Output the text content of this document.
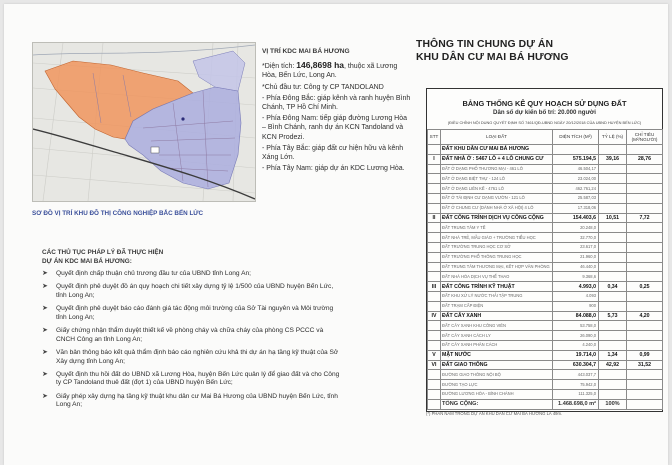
SƠ ĐỒ VỊ TRÍ KHU ĐÔ THỊ CÔNG NGHIỆP BẮC BẾN LỨC
VỊ TRÍ KDC MAI BÁ HƯƠNG

*Diện tích: 146,8698 ha, thuộc xã Lương Hòa, Bến Lức, Long An.

*Chủ đầu tư: Công ty CP TANDOLAND

- Phía Đông Bắc: giáp kênh và ranh huyện Bình Chánh, TP Hồ Chí Minh.

- Phía Đông Nam: tiếp giáp đường Lương Hòa – Bình Chánh, ranh dự án KCN Tandoland và KCN Prodezi.

- Phía Tây Bắc: giáp đất cư hiện hữu và kênh Xáng Lớn.

- Phía Tây Nam: giáp dự án KDC Lương Hòa.

CÁC THỦ TỤC PHÁP LÝ ĐÃ THỰC HIỆN
DỰ ÁN KDC MAI BÁ HƯƠNG:
➤ Quyết định chấp thuận chủ trương đầu tư của UBND tỉnh Long An;
➤ Quyết định phê duyệt đồ án quy hoạch chi tiết xây dựng tỷ lệ 1/500 của UBND huyện Bến Lức, tỉnh Long An;
➤ Quyết định phê duyệt báo cáo đánh giá tác động môi trường của Sở Tài nguyên và Môi trường tỉnh Long An;
➤ Giấy chứng nhận thẩm duyệt thiết kế về phòng cháy và chữa cháy của phòng CS PCCC và CNCH Công an tỉnh Long An;
➤ Văn bản thông báo kết quả thẩm định báo cáo nghiên cứu khả thi dự án hạ tầng kỹ thuật của Sở Xây dựng tỉnh Long An;
➤ Quyết định thu hồi đất do UBND xã Lương Hòa, huyện Bến Lức quản lý để giao đất và cho Công ty CP Tandoland thuê đất (đợt 1) của UBND huyện Bến Lức;
➤ Giấy phép xây dựng hạ tầng kỹ thuật khu dân cư Mai Bá Hương của UBND huyện Bến Lức, tỉnh Long An;
THÔNG TIN CHUNG DỰ ÁN
KHU DÂN CƯ MAI BÁ HƯƠNG
BẢNG THỐNG KÊ QUY HOẠCH SỬ DỤNG ĐẤT
Dân số dự kiến bố trí: 20.000 người
(ĐIỀU CHỈNH NỘI DUNG QUYẾT ĐỊNH SỐ 7461/QĐ-UBND NGÀY 20/12/2018 CỦA UBND HUYỆN BẾN LỨC)
STT	LOẠI ĐẤT	DIỆN TÍCH (M²)	TỶ LỆ (%)	CHỈ TIÊU (M²/NGƯỜI)
	ĐẤT KHU DÂN CƯ MAI BÁ HƯƠNG			
I	ĐẤT NHÀ Ở : 5467 LÔ + 4 LÔ CHUNG CƯ	575.194,5	39,16	28,76
	ĐẤT Ở DẠNG PHỐ THƯƠNG MẠI - 461 LÔ	46.504,17		
	ĐẤT Ở DẠNG BIỆT THỰ - 124 LÔ	23.024,00		
	ĐẤT Ở DẠNG LIÊN KẾ - 4761 LÔ	462.761,24		
	ĐẤT Ở TÁI ĐỊNH CƯ DẠNG VƯỜN - 121 LÔ	25.587,03		
	ĐẤT Ở CHUNG CƯ (DÀNH NHÀ Ở XÃ HỘI) 4 LÔ	17.318,06		
II	ĐẤT CÔNG TRÌNH DỊCH VỤ CÔNG CỘNG	154.403,6	10,51	7,72
	ĐẤT TRUNG TÂM Y TẾ	20.248,0		
	ĐẤT NHÀ TRẺ, MẪU GIÁO + TRƯỜNG TIỂU HỌC	32.770,0		
	ĐẤT TRƯỜNG TRUNG HỌC CƠ SỞ	23.617,0		
	ĐẤT TRƯỜNG PHỔ THÔNG TRUNG HỌC	21.960,0		
	ĐẤT TRUNG TÂM THƯƠNG MẠI, KẾT HỢP VĂN PHÒNG	46.440,0		
	ĐẤT NHÀ HÓA DỊCH VỤ THỂ THAO	9.368,6		
III	ĐẤT CÔNG TRÌNH KỸ THUẬT	4.993,0	0,34	0,25
	ĐẤT KHU XỬ LÝ NƯỚC THẢI TẬP TRUNG	4.093		
	ĐẤT TRẠM CẤP ĐIỆN	900		
IV	ĐẤT CÂY XANH	84.088,0	5,73	4,20
	ĐẤT CÂY XANH KHU CÔNG VIÊN	53.758,0		
	ĐẤT CÂY XANH CÁCH LY	26.090,0		
	ĐẤT CÂY XANH PHÂN CÁCH	4.240,0		
V	MẶT NƯỚC	19.714,0	1,34	0,99
VI	ĐẤT GIAO THÔNG	630.304,7	42,92	31,52
	ĐƯỜNG GIAO THÔNG NỘI BỘ	443.037,7		
	ĐƯỜNG TẠO LỰC	75.942,0		
	ĐƯỜNG LƯƠNG HÒA - BÌNH CHÁNH	111.325,0		
	TỔNG CỘNG:	1.468.698,0 m²	100%	
(*) PHẦN NẰM TRONG DỰ ÁN KHU DÂN CƯ MAI BÁ HƯƠNG LÀ 49m.
